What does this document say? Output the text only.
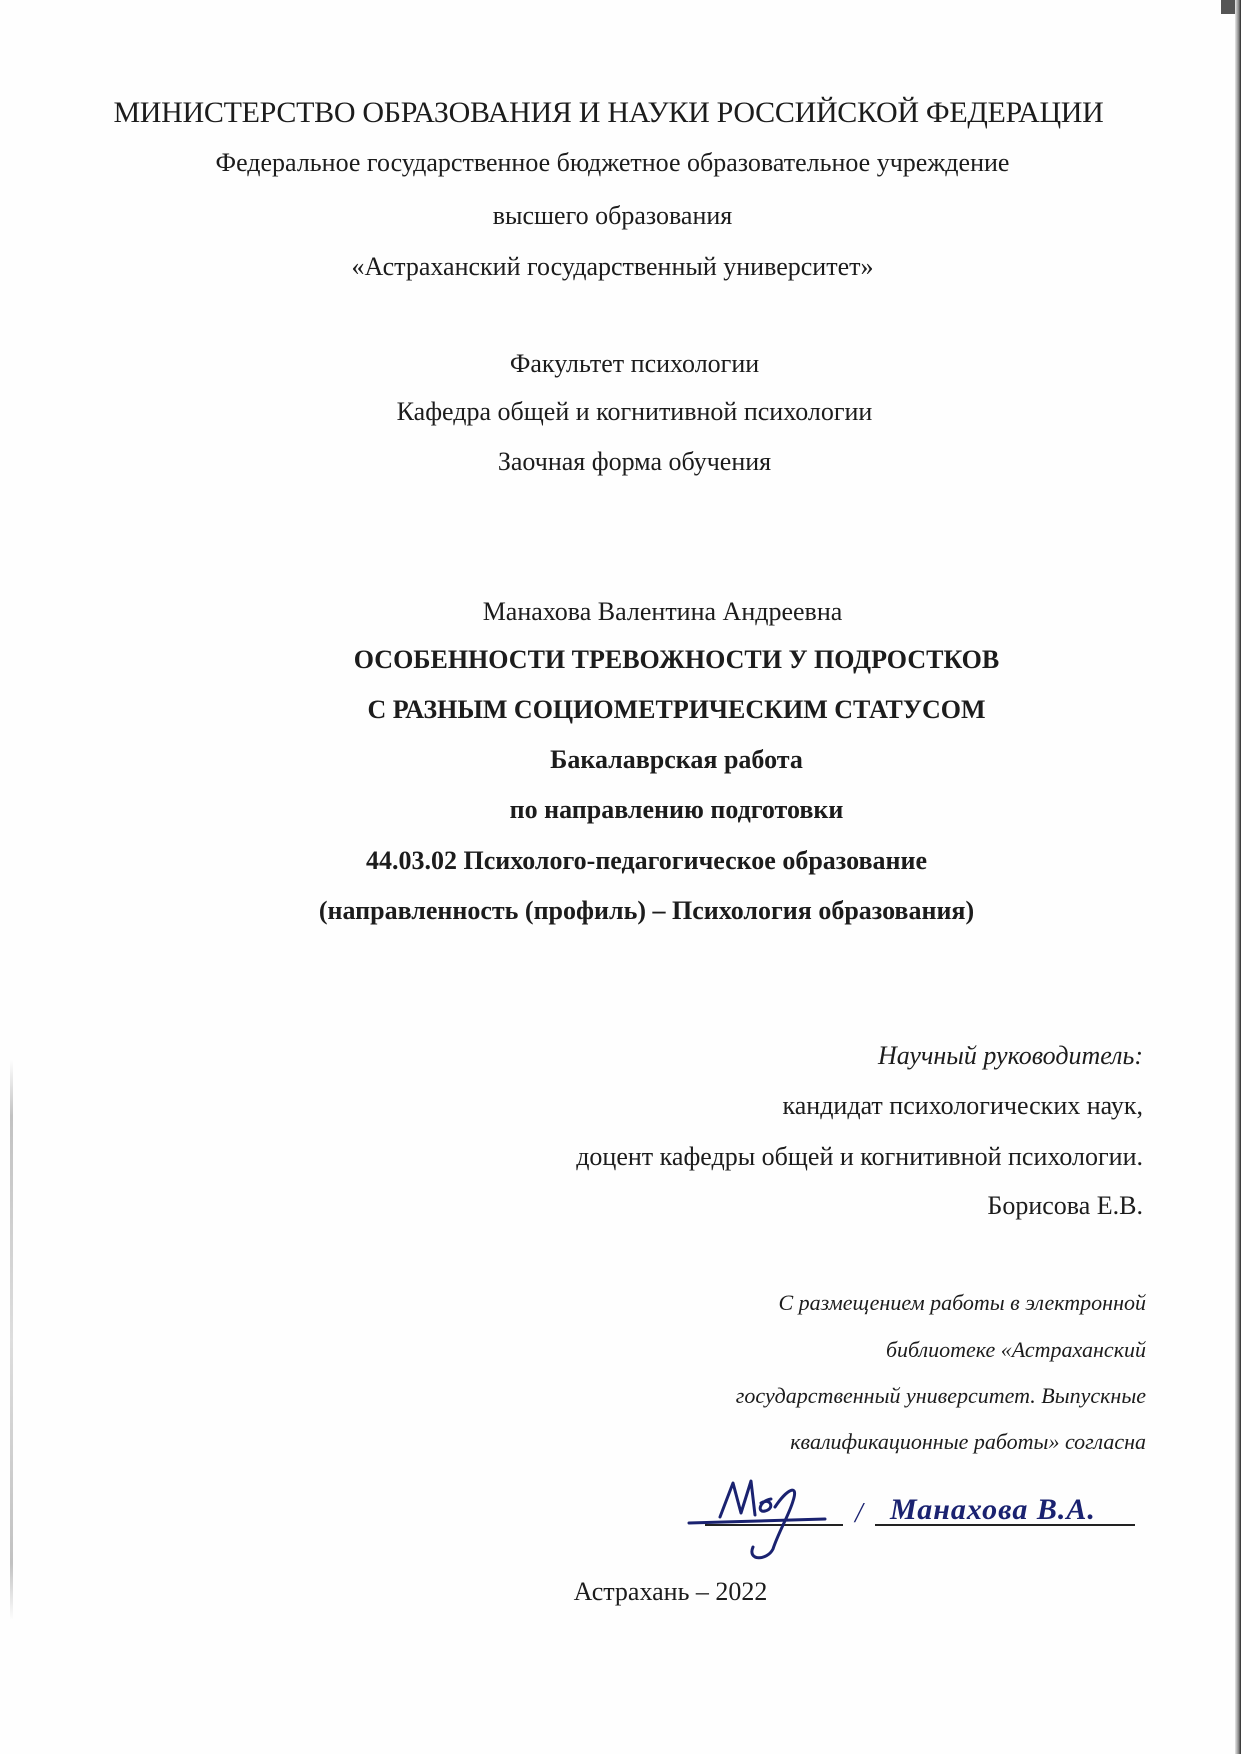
МИНИСТЕРСТВО ОБРАЗОВАНИЯ И НАУКИ РОССИЙСКОЙ ФЕДЕРАЦИИ
Федеральное государственное бюджетное образовательное учреждение
высшего образования
«Астраханский государственный университет»
Факультет психологии
Кафедра общей и когнитивной психологии
Заочная форма обучения
Манахова Валентина Андреевна
ОСОБЕННОСТИ ТРЕВОЖНОСТИ У ПОДРОСТКОВ
С РАЗНЫМ СОЦИОМЕТРИЧЕСКИМ СТАТУСОМ
Бакалаврская работа
по направлению подготовки
44.03.02 Психолого-педагогическое образование
(направленность (профиль) – Психология образования)
Научный руководитель:
кандидат психологических наук,
доцент кафедры общей и когнитивной психологии.
Борисова Е.В.
С размещением работы в электронной
библиотеке «Астраханский
государственный университет. Выпускные
квалификационные работы» согласна
/ Манахова В.А.
Астрахань – 2022
